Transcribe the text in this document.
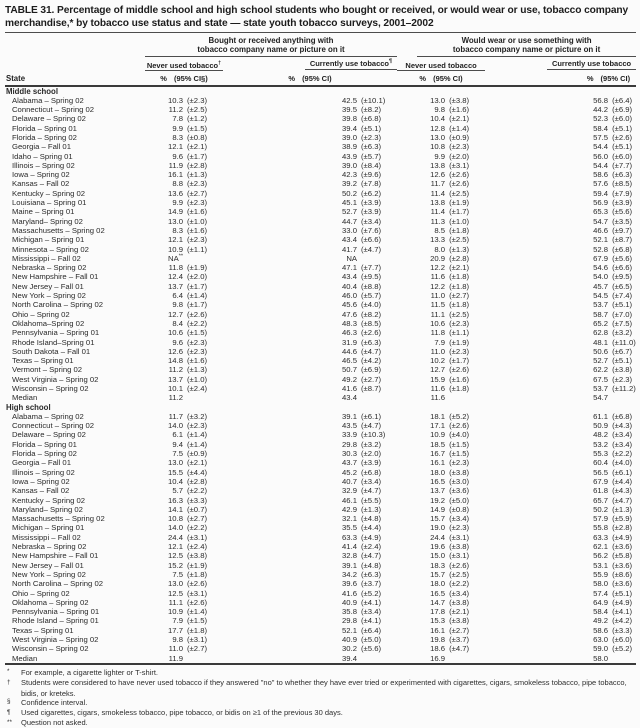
TABLE 31. Percentage of middle school and high school students who bought or received, or would wear or use, tobacco company merchandise,* by tobacco use status and state — state youth tobacco surveys, 2001–2002
State	
Bought or received anything with
tobacco company name or picture on it

Would wear or use something with
tobacco company name or picture on it

	Never used tobacco†		Currently use tobacco¶			Never used tobacco			Currently use tobacco		
	% (95% CI§)		% (95% CI)			% (95% CI)			% (95% CI)		
Middle school											
Alabama – Spring 02	10.3	(±2.3)		42.5	(±10.1)		13.0	(±3.8)		56.8	(±6.4)
Connecticut – Spring 02	11.2	(±2.5)		39.5	(±8.2)		9.8	(±1.6)		44.2	(±6.9)
Delaware – Spring 02	7.8	(±1.2)		39.8	(±6.8)		10.4	(±2.1)		52.3	(±6.0)
Florida – Spring 01	9.9	(±1.5)		39.4	(±5.1)		12.8	(±1.4)		58.4	(±5.1)
Florida – Spring 02	8.3	(±0.8)		39.0	(±2.3)		13.0	(±0.9)		57.5	(±2.6)
Georgia – Fall 01	12.1	(±2.1)		38.9	(±6.3)		10.8	(±2.3)		54.4	(±5.1)
Idaho – Spring 01	9.6	(±1.7)		43.9	(±5.7)		9.9	(±2.0)		56.0	(±6.0)
Illinois – Spring 02	11.9	(±2.8)		39.0	(±8.4)		13.8	(±3.1)		54.4	(±7.7)
Iowa – Spring 02	16.1	(±1.3)		42.3	(±9.6)		12.6	(±2.6)		58.6	(±6.3)
Kansas – Fall 02	8.8	(±2.3)		39.2	(±7.8)		11.7	(±2.6)		57.6	(±8.5)
Kentucky – Spring 02	13.6	(±2.7)		50.2	(±6.2)		11.4	(±2.5)		59.4	(±7.9)
Louisiana – Spring 01	9.9	(±2.3)		45.1	(±3.9)		13.8	(±1.9)		56.9	(±3.9)
Maine – Spring 01	14.9	(±1.6)		52.7	(±3.9)		11.4	(±1.7)		65.3	(±5.6)
Maryland– Spring 02	13.0	(±1.0)		44.7	(±3.4)		11.3	(±1.0)		54.7	(±3.5)
Massachusetts – Spring 02	8.3	(±1.6)		33.0	(±7.6)		8.5	(±1.8)		46.6	(±9.7)
Michigan – Spring 01	12.1	(±2.3)		43.4	(±6.6)		13.3	(±2.5)		52.1	(±8.7)
Minnesota – Spring 02	10.9	(±1.1)		41.7	(±4.7)		8.0	(±1.3)		52.8	(±6.8)
Mississippi – Fall 02	NA**			NA			20.9	(±2.8)		67.9	(±5.6)
Nebraska – Spring 02	11.8	(±1.9)		47.1	(±7.7)		12.2	(±2.1)		54.6	(±6.6)
New Hampshire – Fall 01	12.4	(±2.0)		43.4	(±9.5)		11.6	(±1.8)		54.0	(±9.5)
New Jersey – Fall 01	13.7	(±1.7)		40.4	(±8.8)		12.2	(±1.8)		45.7	(±6.5)
New York – Spring 02	6.4	(±1.4)		46.0	(±5.7)		11.0	(±2.7)		54.5	(±7.4)
North Carolina – Spring 02	9.8	(±1.7)		45.6	(±4.0)		11.5	(±1.8)		53.7	(±5.1)
Ohio – Spring 02	12.7	(±2.6)		47.6	(±8.2)		11.1	(±2.5)		58.7	(±7.0)
Oklahoma–Spring 02	8.4	(±2.2)		48.3	(±8.5)		10.6	(±2.3)		65.2	(±7.5)
Pennsylvania – Spring 01	10.6	(±1.5)		46.3	(±2.6)		11.8	(±1.1)		62.8	(±3.2)
Rhode Island–Spring 01	9.6	(±2.3)		31.9	(±6.3)		7.9	(±1.9)		48.1	(±11.0)
South Dakota – Fall 01	12.6	(±2.3)		44.6	(±4.7)		11.0	(±2.3)		50.6	(±6.7)
Texas – Spring 01	14.8	(±1.6)		46.5	(±4.2)		10.2	(±1.7)		52.7	(±5.1)
Vermont – Spring 02	11.2	(±1.3)		50.7	(±6.9)		12.7	(±2.6)		62.2	(±3.8)
West Virginia – Spring 02	13.7	(±1.0)		49.2	(±2.7)		15.9	(±1.6)		67.5	(±2.3)
Wisconsin – Spring 02	10.1	(±2.4)		41.6	(±8.7)		11.6	(±1.8)		53.7	(±11.2)
Median	11.2			43.4			11.6			54.7	
High school											
Alabama – Spring 02	11.7	(±3.2)		39.1	(±6.1)		18.1	(±5.2)		61.1	(±6.8)
Connecticut – Spring 02	14.0	(±2.3)		43.5	(±4.7)		17.1	(±2.6)		50.9	(±4.3)
Delaware – Spring 02	6.1	(±1.4)		33.9	(±10.3)		10.9	(±4.0)		48.2	(±3.4)
Florida – Spring 01	9.4	(±1.4)		29.8	(±3.2)		18.5	(±1.5)		53.2	(±3.4)
Florida – Spring 02	7.5	(±0.9)		30.3	(±2.0)		16.7	(±1.5)		55.3	(±2.2)
Georgia – Fall 01	13.0	(±2.1)		43.7	(±3.9)		16.1	(±2.3)		60.4	(±4.0)
Illinois – Spring 02	15.5	(±4.4)		45.2	(±6.8)		18.0	(±3.8)		56.5	(±6.1)
Iowa – Spring 02	10.4	(±2.8)		40.7	(±3.4)		16.5	(±3.0)		67.9	(±4.4)
Kansas – Fall 02	5.7	(±2.2)		32.9	(±4.7)		13.7	(±3.6)		61.8	(±4.3)
Kentucky – Spring 02	16.3	(±3.3)		46.1	(±5.5)		19.2	(±5.0)		65.7	(±4.7)
Maryland– Spring 02	14.1	(±0.7)		42.9	(±1.3)		14.9	(±0.8)		50.2	(±1.3)
Massachusetts – Spring 02	10.8	(±2.7)		32.1	(±4.8)		15.7	(±3.4)		57.9	(±5.9)
Michigan – Spring 01	14.0	(±2.2)		35.5	(±4.4)		19.0	(±2.3)		55.8	(±2.8)
Mississippi – Fall 02	24.4	(±3.1)		63.3	(±4.9)		24.4	(±3.1)		63.3	(±4.9)
Nebraska – Spring 02	12.1	(±2.4)		41.4	(±2.4)		19.6	(±3.8)		62.1	(±3.6)
New Hampshire – Fall 01	12.5	(±3.8)		32.8	(±4.7)		15.0	(±3.1)		56.2	(±5.8)
New Jersey – Fall 01	15.2	(±1.9)		39.1	(±4.8)		18.3	(±2.6)		53.1	(±3.6)
New York – Spring 02	7.5	(±1.8)		34.2	(±6.3)		15.7	(±2.5)		55.9	(±8.6)
North Carolina – Spring 02	13.0	(±2.6)		39.6	(±3.7)		18.0	(±2.2)		58.0	(±3.6)
Ohio – Spring 02	12.5	(±3.1)		41.6	(±5.2)		16.5	(±3.4)		57.4	(±5.1)
Oklahoma – Spring 02	11.1	(±2.6)		40.9	(±4.1)		14.7	(±3.8)		64.9	(±4.9)
Pennsylvania – Spring 01	10.9	(±1.4)		35.8	(±3.4)		17.8	(±2.1)		58.4	(±4.1)
Rhode Island – Spring 01	7.9	(±1.5)		29.8	(±4.1)		15.3	(±3.8)		49.2	(±4.2)
Texas – Spring 01	17.7	(±1.8)		52.1	(±6.4)		16.1	(±2.7)		58.6	(±3.3)
West Virginia – Spring 02	9.8	(±3.1)		40.9	(±5.0)		19.8	(±3.7)		63.0	(±6.0)
Wisconsin – Spring 02	11.0	(±2.7)		30.2	(±5.6)		18.6	(±4.7)		59.0	(±5.2)
Median	11.9			39.4			16.9			58.0	
* For example, a cigarette lighter or T-shirt.
† Students were considered to have never used tobacco if they answered "no" to whether they have ever tried or experimented with cigarettes, cigars, smokeless tobacco, pipe tobacco, bidis, or kreteks.
§ Confidence interval.
¶ Used cigarettes, cigars, smokeless tobacco, pipe tobacco, or bidis on ≥1 of the previous 30 days.
** Question not asked.
